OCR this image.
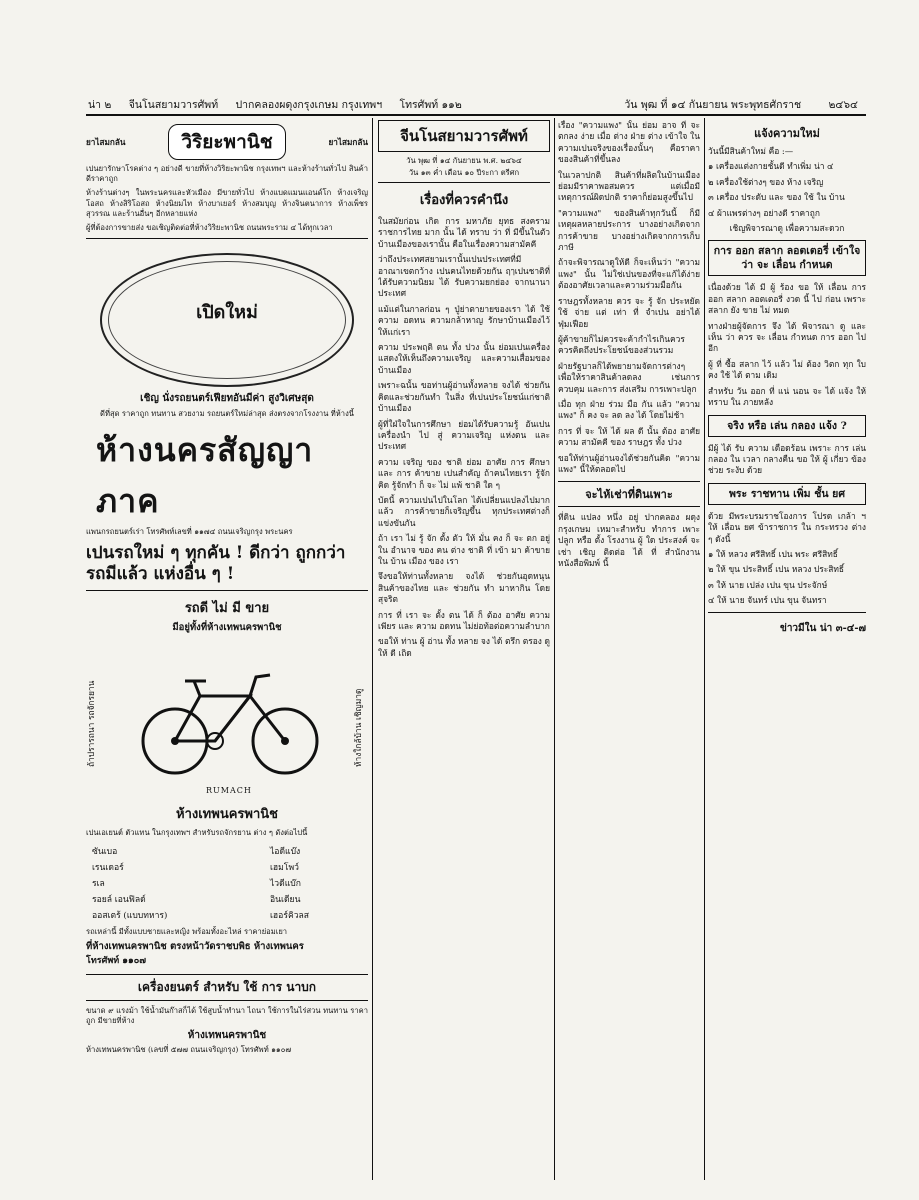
น่า ๒ จีนโนสยามวารศัพท์ ปากคลองผดุงกรุงเกษม กรุงเทพฯ โทรศัพท์ ๑๑๒	วัน พุฒ ที่ ๑๔ กันยายน พระพุทธศักราช	๒๔๖๔
ยาไสมกลัน	วิริยะพานิช	ยาไสมกลัน

เปนยารักษาโรคต่าง ๆ อย่างดี ขายที่ห้างวิริยะพานิช กรุงเทพฯ และห้างร้านทั่วไป สินค้าดีราคาถูก

ห้างร้านต่างๆ ในพระนครและหัวเมือง มีขายทั่วไป ห้างแบดแมนแอนด์โก ห้างเจริญโอสถ ห้างสิริโอสถ ห้างนิยมไท ห้างบาเยอร์ ห้างสมบุญ ห้างจินตนาการ ห้างเพ็ชรสุวรรณ และร้านอื่นๆ อีกหลายแห่ง

ผู้ที่ต้องการขายส่ง ขอเชิญติดต่อที่ห้างวิริยะพานิช ถนนพระราม ๔ ได้ทุกเวลา

เปิดใหม่

เชิญ นั่งรถยนตร์เฟียทอันมีค่า สูงวิเศษสุด

ดีที่สุด ราคาถูก ทนทาน สวยงาม รถยนตร์ใหม่ล่าสุด ส่งตรงจากโรงงาน ที่ห้างนี้

ห้างนครสัญญาภาค

แพนกรถยนตร์เร่า โทรศัพท์เลขที่ ๑๑๗๔ ถนนเจริญกรุง พระนคร

เปนรถใหม่ ๆ ทุกคัน ! ดีกว่า ถูกกว่า รถมีแล้ว แห่งอื่น ๆ !
รถดี ไม่ มี ขาย

มีอยู่ทั้งที่ห้างเทพนครพานิช

ถ้าปรารถนา รถจักรยาน	ห้างใกล้บ้าน เชิญมาดู
RUMACH
ห้างเทพนครพานิช

เปนเอเยนต์ ตัวแทน ในกรุงเทพฯ สำหรับรถจักรยาน ต่าง ๆ ดังต่อไปนี้

ซันเบอ	ไอดีแบ๊ง
เรนเดอร์	เฮมโพว์
รเล	ไวดีแบ๊ก
รอยล์ เอนฟิลด์	อินเดียน
ออสเตร้ (แบบทหาร)	เฮอร์คิวลส

รถเหล่านี้ มีทั้งแบบชายและหญิง พร้อมทั้งอะไหล่ ราคาย่อมเยา

ที่ห้างเทพนครพานิช ตรงหน้าวัดราชบพิธ ห้างเทพนคร

โทรศัพท์ ๑๑๐๗

เครื่องยนตร์ สำหรับ ใช้ การ นาบก

ขนาด ๙ แรงม้า ใช้น้ำมันก๊าสก็ได้ ใช้สูบน้ำทำนา ไถนา ใช้การในไร่สวน ทนทาน ราคาถูก มีขายที่ห้าง

ห้างเทพนครพานิช

ห้างเทพนครพานิช (เลขที่ ๕๗๗ ถนนเจริญกรุง) โทรศัพท์ ๑๑๐๗

จีนโนสยามวารศัพท์
วัน พุฒ ที่ ๑๔ กันยายน พ.ศ. ๒๔๖๔
วัน ๑๓ ค่ำ เดือน ๑๐ ปีระกา ตรีศก
เรื่องที่ควรคำนึง

ในสมัยก่อน เกิด การ มหาภัย ยุทธ สงคราม ราชการไทย มาก นั้น ได้ ทราบ ว่า ที่ มีขึ้นในตัวบ้านเมืองของเรานั้น คือในเรื่องความสามัคคี

ว่าถึงประเทศสยามเรานั้นเปนประเทศที่มีอาณาเขตกว้าง เปนคนไทยด้วยกัน ฤๅเปนชาติที่ได้รับความนิยม ได้ รับความยกย่อง จากนานาประเทศ

แม้แต่ในกาลก่อน ๆ ปู่ย่าตายายของเรา ได้ ใช้ ความ อดทน ความกล้าหาญ รักษาบ้านเมืองไว้ให้แก่เรา

ความ ประพฤติ ตน ทั้ง ปวง นั้น ย่อมเปนเครื่องแสดงให้เห็นถึงความเจริญ และความเสื่อมของบ้านเมือง

เพราะฉนั้น ขอท่านผู้อ่านทั้งหลาย จงได้ ช่วยกันคิดและช่วยกันทำ ในสิ่ง ที่เปนประโยชน์แก่ชาติบ้านเมือง

ผู้ที่ใฝ่ใจในการศึกษา ย่อมได้รับความรู้ อันเปนเครื่องนำ ไป สู่ ความเจริญ แห่งตน และ ประเทศ

ความ เจริญ ของ ชาติ ย่อม อาศัย การ ศึกษา และ การ ค้าขาย เปนสำคัญ ถ้าคนไทยเรา รู้จักคิด รู้จักทำ ก็ จะ ไม่ แพ้ ชาติ ใด ๆ

บัดนี้ ความเปนไปในโลก ได้เปลี่ยนแปลงไปมากแล้ว การค้าขายก็เจริญขึ้น ทุกประเทศต่างก็แข่งขันกัน

ถ้า เรา ไม่ รู้ จัก ตั้ง ตัว ให้ มั่น คง ก็ จะ ตก อยู่ ใน อำนาจ ของ คน ต่าง ชาติ ที่ เข้า มา ค้าขาย ใน บ้าน เมือง ของ เรา

จึงขอให้ท่านทั้งหลาย จงได้ ช่วยกันอุดหนุนสินค้าของไทย และ ช่วยกัน ทำ มาหากิน โดย สุจริต

การ ที่ เรา จะ ตั้ง ตน ได้ ก็ ต้อง อาศัย ความ เพียร และ ความ อดทน ไม่ย่อท้อต่อความลำบาก

ขอให้ ท่าน ผู้ อ่าน ทั้ง หลาย จง ได้ ตรึก ตรอง ดู ให้ ดี เถิด

เรื่อง "ความแพง" นั้น ย่อม อาจ ที่ จะ ตกลง ง่าย เมื่อ ต่าง ฝ่าย ต่าง เข้าใจ ในความเปนจริงของเรื่องนั้นๆ คือราคาของสินค้าที่ขึ้นลง

ในเวลาปกติ สินค้าที่ผลิตในบ้านเมืองย่อมมีราคาพอสมควร แต่เมื่อมีเหตุการณ์ผิดปกติ ราคาก็ย่อมสูงขึ้นไป

"ความแพง" ของสินค้าทุกวันนี้ ก็มีเหตุผลหลายประการ บางอย่างเกิดจากการค้าขาย บางอย่างเกิดจากการเก็บภาษี

ถ้าจะพิจารณาดูให้ดี ก็จะเห็นว่า "ความแพง" นั้น ไม่ใช่เปนของที่จะแก้ได้ง่าย ต้องอาศัยเวลาและความร่วมมือกัน

ราษฎรทั้งหลาย ควร จะ รู้ จัก ประหยัด ใช้ จ่าย แต่ เท่า ที่ จำเปน อย่าได้ฟุ่มเฟือย

ผู้ค้าขายก็ไม่ควรจะค้ากำไรเกินควร ควรคิดถึงประโยชน์ของส่วนรวม

ฝ่ายรัฐบาลก็ได้พยายามจัดการต่างๆ เพื่อให้ราคาสินค้าลดลง เช่นการ ควบคุม และการ ส่งเสริม การเพาะปลูก

เมื่อ ทุก ฝ่าย ร่วม มือ กัน แล้ว "ความแพง" ก็ คง จะ ลด ลง ได้ โดยไม่ช้า

การ ที่ จะ ให้ ได้ ผล ดี นั้น ต้อง อาศัย ความ สามัคคี ของ ราษฎร ทั้ง ปวง

ขอให้ท่านผู้อ่านจงได้ช่วยกันคิด "ความแพง" นี้ให้ตลอดไป

จะไห้เช่าที่ดินเพาะ

ที่ดิน แปลง หนึ่ง อยู่ ปากคลอง ผดุงกรุงเกษม เหมาะสำหรับ ทำการ เพาะ ปลูก หรือ ตั้ง โรงงาน ผู้ ใด ประสงค์ จะ เช่า เชิญ ติดต่อ ได้ ที่ สำนักงาน หนังสือพิมพ์ นี้

แจ้งความใหม่

วันนี้มีสินค้าใหม่ คือ :—

๑ เครื่องแต่งกายชั้นดี ทำเพิ่ม น่า ๔

๒ เครื่องใช้ต่างๆ ของ ห้าง เจริญ

๓ เครื่อง ประดับ และ ของ ใช้ ใน บ้าน

๔ ผ้าแพรต่างๆ อย่างดี ราคาถูก

เชิญพิจารณาดู เพื่อความสะดวก

การ ออก สลาก ลอตเตอรี่ เข้าใจ ว่า จะ เลื่อน กำหนด

เนื่องด้วย ได้ มี ผู้ ร้อง ขอ ให้ เลื่อน การ ออก สลาก ลอตเตอรี่ งวด นี้ ไป ก่อน เพราะ สลาก ยัง ขาย ไม่ หมด

ทางฝ่ายผู้จัดการ จึง ได้ พิจารณา ดู และ เห็น ว่า ควร จะ เลื่อน กำหนด การ ออก ไป อีก

ผู้ ที่ ซื้อ สลาก ไว้ แล้ว ไม่ ต้อง วิตก ทุก ใบ คง ใช้ ได้ ตาม เดิม

สำหรับ วัน ออก ที่ แน่ นอน จะ ได้ แจ้ง ให้ ทราบ ใน ภายหลัง

จริง หรือ เล่น กลอง แจ้ง ?

มีผู้ ได้ รับ ความ เดือดร้อน เพราะ การ เล่น กลอง ใน เวลา กลางคืน ขอ ให้ ผู้ เกี่ยว ข้อง ช่วย ระงับ ด้วย

พระ ราชทาน เพิ่ม ชั้น ยศ

ด้วย มีพระบรมราชโองการ โปรด เกล้า ฯ ให้ เลื่อน ยศ ข้าราชการ ใน กระทรวง ต่าง ๆ ดังนี้

๑ ให้ หลวง ศรีสิทธิ์ เปน พระ ศรีสิทธิ์

๒ ให้ ขุน ประสิทธิ์ เปน หลวง ประสิทธิ์

๓ ให้ นาย เปล่ง เปน ขุน ประจักษ์

๔ ให้ นาย จันทร์ เปน ขุน จันทรา

ข่าวมีใน น่า ๓-๔-๗
